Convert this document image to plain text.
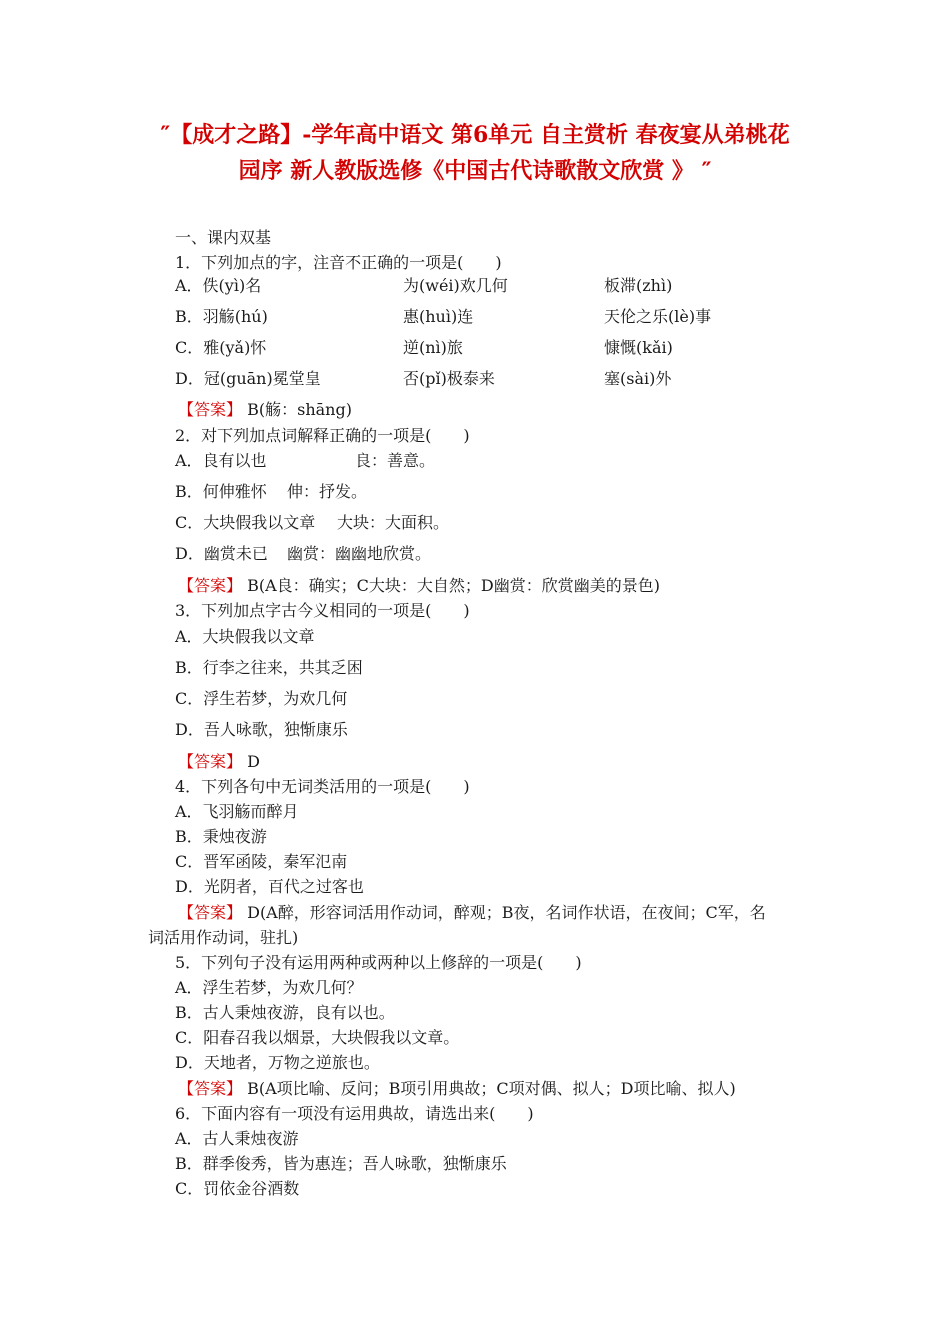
″【成才之路】-学年高中语文 第6单元 自主赏析 春夜宴从弟桃花
园序 新人教版选修《中国古代诗歌散文欣赏 》 ″
一、课内双基
1．下列加点的字，注音不正确的一项是(　　)
A．佚(yì)名	为(wéi)欢几何	板滞(zhì)
B．羽觞(hú)	惠(huì)连	天伦之乐(lè)事
C．雅(yǎ)怀	逆(nì)旅	慷慨(kǎi)
D．冠(guān)冕堂皇	否(pǐ)极泰来	塞(sài)外
【答案】 B(觞：shāng)
2．对下列加点词解释正确的一项是(　　)
A．良有以也	良：善意。
B．何伸雅怀 伸：抒发。
C．大块假我以文章 大块：大面积。
D．幽赏未已 幽赏：幽幽地欣赏。
【答案】 B(A良：确实；C大块：大自然；D幽赏：欣赏幽美的景色)
3．下列加点字古今义相同的一项是(　　)
A．大块假我以文章
B．行李之往来，共其乏困
C．浮生若梦，为欢几何
D．吾人咏歌，独惭康乐
【答案】 D
4．下列各句中无词类活用的一项是(　　)
A．飞羽觞而醉月
B．秉烛夜游
C．晋军函陵，秦军氾南
D．光阴者，百代之过客也
【答案】 D(A醉，形容词活用作动词，醉观；B夜，名词作状语，在夜间；C军，名
词活用作动词，驻扎)
5．下列句子没有运用两种或两种以上修辞的一项是(　　)
A．浮生若梦，为欢几何？
B．古人秉烛夜游，良有以也。
C．阳春召我以烟景，大块假我以文章。
D．天地者，万物之逆旅也。
【答案】 B(A项比喻、反问；B项引用典故；C项对偶、拟人；D项比喻、拟人)
6．下面内容有一项没有运用典故，请选出来(　　)
A．古人秉烛夜游
B．群季俊秀，皆为惠连；吾人咏歌，独惭康乐
C．罚依金谷酒数
